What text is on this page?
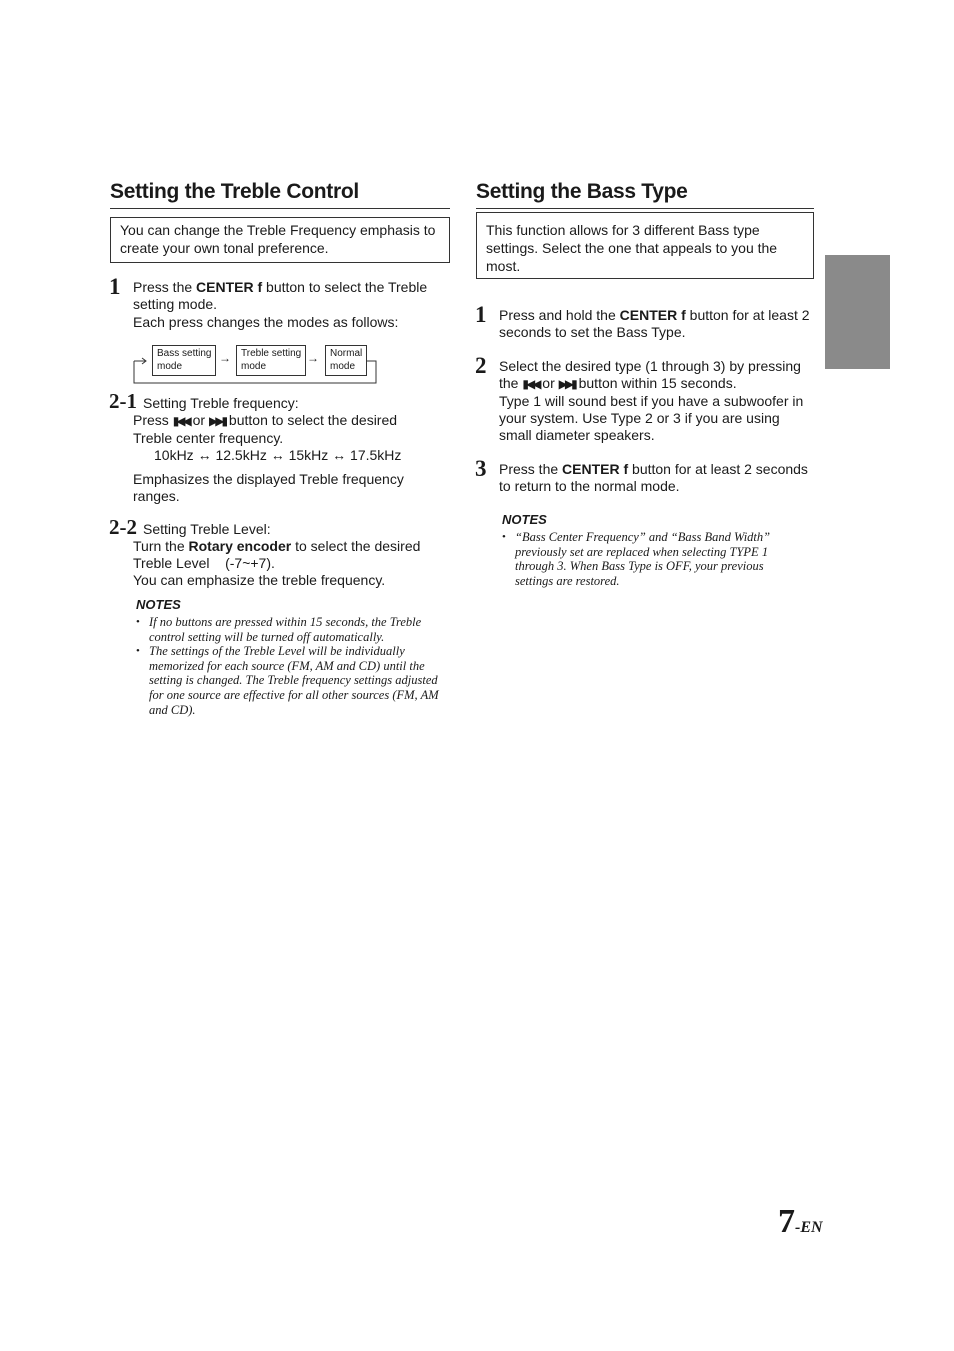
Setting the Treble Control
You can change the Treble Frequency emphasis to create your own tonal preference.
1 Press the CENTER f button to select the Treble setting mode.
Each press changes the modes as follows:
Bass setting
mode
→ Treble setting
mode
→ Normal
mode
2-1 Setting Treble frequency:
Press ▮◀◀ or ▶▶▮ button to select the desired
Treble center frequency.
10kHz ↔ 12.5kHz ↔ 15kHz ↔ 17.5kHz
Emphasizes the displayed Treble frequency ranges.
2-2 Setting Treble Level:
Turn the Rotary encoder to select the desired
Treble Level    (-7~+7).
You can emphasize the treble frequency.

NOTES

• If no buttons are pressed within 15 seconds, the Treble control setting will be turned off automatically.
• The settings of the Treble Level will be individually memorized for each source (FM, AM and CD) until the setting is changed. The Treble frequency settings adjusted for one source are effective for all other sources (FM, AM and CD).
Setting the Bass Type
This function allows for 3 different Bass type settings. Select the one that appeals to you the most.
1 Press and hold the CENTER f button for at least 2 seconds to set the Bass Type.
2 Select the desired type (1 through 3) by pressing
the ▮◀◀ or ▶▶▮ button within 15 seconds.
Type 1 will sound best if you have a subwoofer in your system. Use Type 2 or 3 if you are using small diameter speakers.
3 Press the CENTER f button for at least 2 seconds to return to the normal mode.

NOTES

• “Bass Center Frequency” and “Bass Band Width” previously set are replaced when selecting TYPE 1 through 3. When Bass Type is OFF, your previous settings are restored.
7-EN
